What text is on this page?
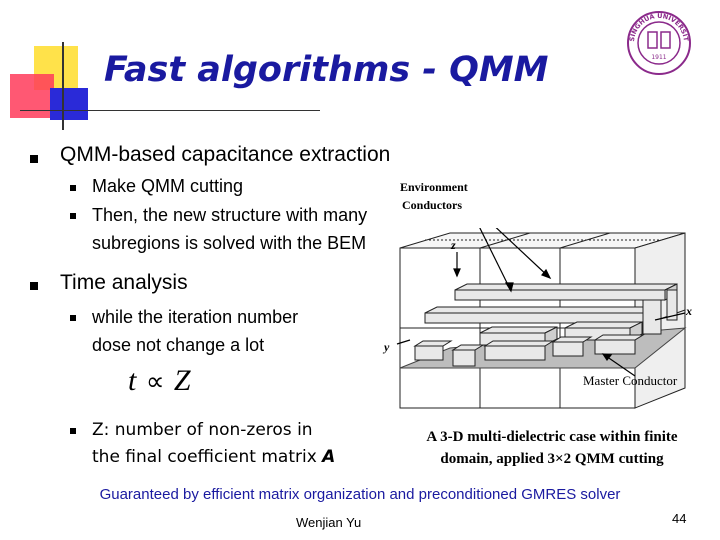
Fast algorithms - QMM
SINGHUA UNIVERSIT
1911
QMM-based capacitance extraction
Make QMM cutting
Then, the new structure with many
subregions is solved with the BEM
Time analysis
while the iteration number
dose not change a lot
t ∝ Z
Z: number of non-zeros in
the final coefficient matrix A
Environment
Conductors
z
x
y
Master Conductor
A 3-D multi-dielectric case within finite
domain, applied 3×2 QMM cutting
Guaranteed by efficient matrix organization and preconditioned GMRES solver
Wenjian Yu	44
